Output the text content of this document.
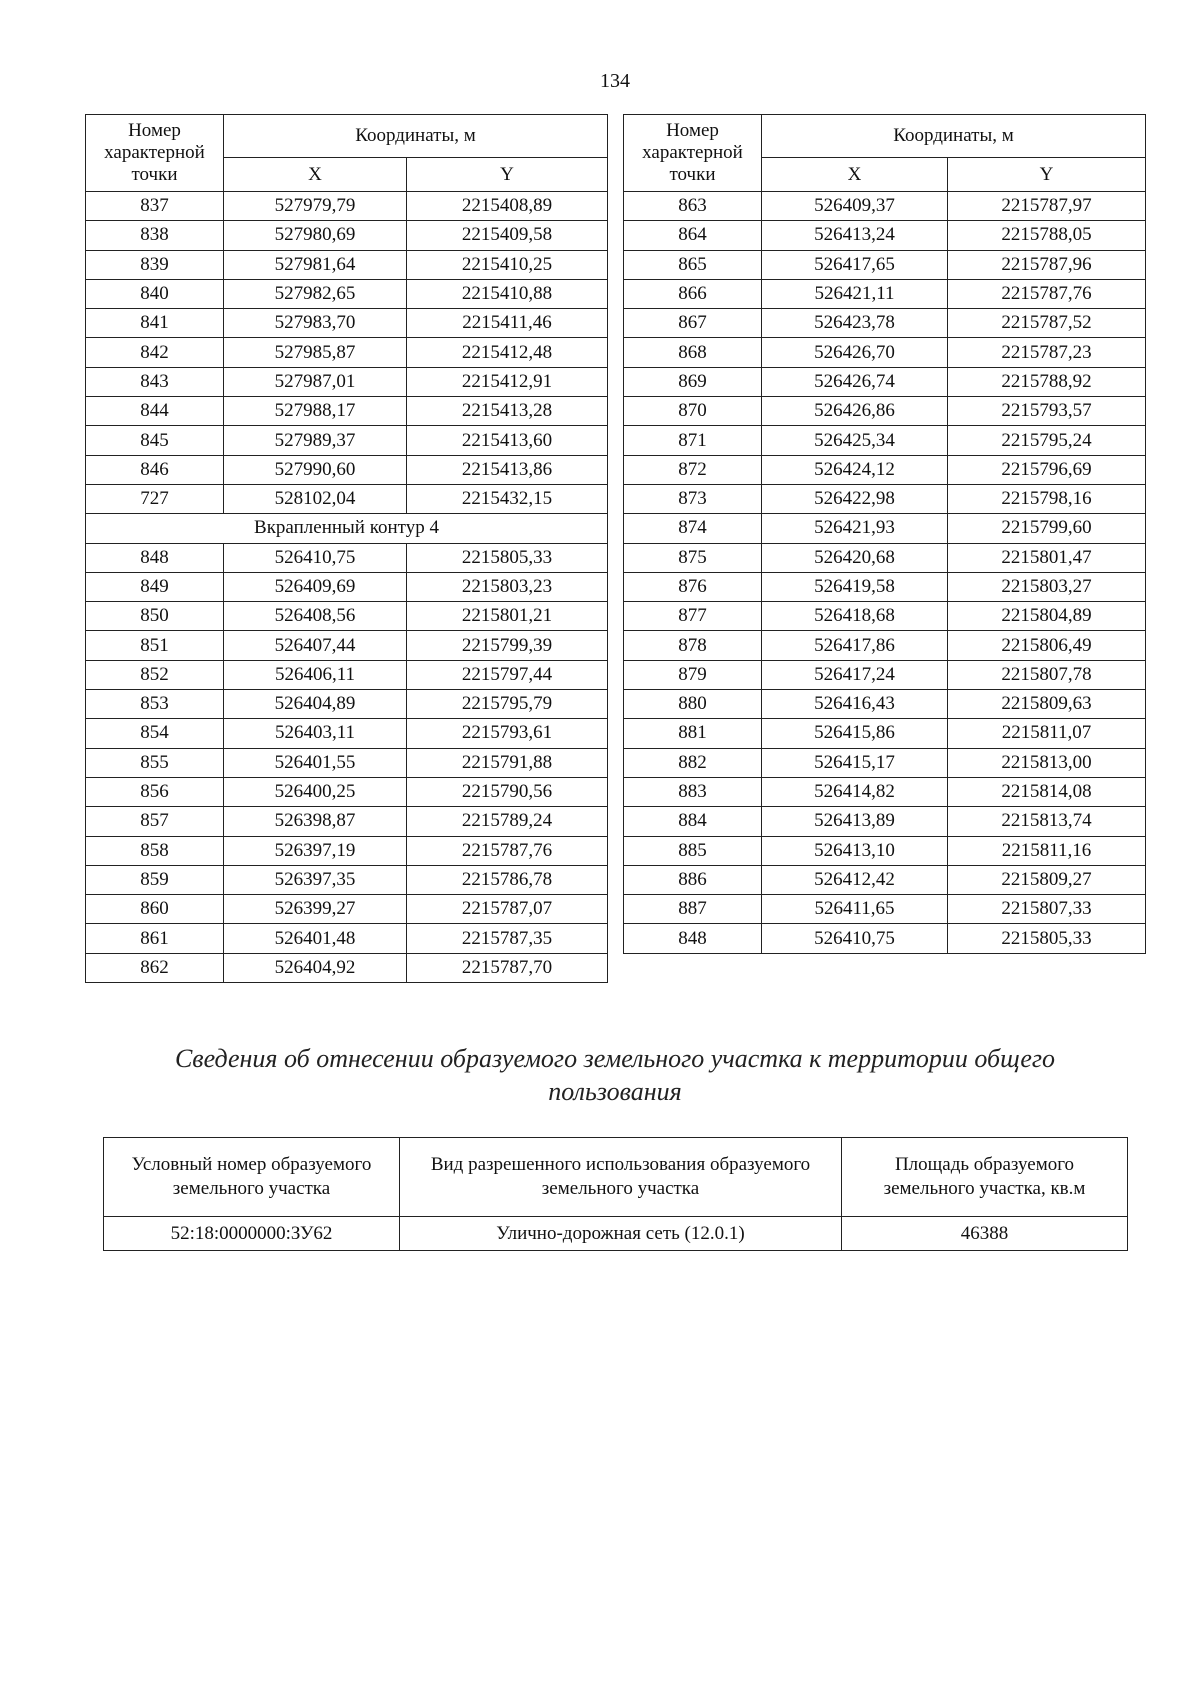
134
Номер характерной точки	Координаты, м	
	X	Y
837	527979,79	2215408,89
838	527980,69	2215409,58
839	527981,64	2215410,25
840	527982,65	2215410,88
841	527983,70	2215411,46
842	527985,87	2215412,48
843	527987,01	2215412,91
844	527988,17	2215413,28
845	527989,37	2215413,60
846	527990,60	2215413,86
727	528102,04	2215432,15
Вкрапленный контур 4		
848	526410,75	2215805,33
849	526409,69	2215803,23
850	526408,56	2215801,21
851	526407,44	2215799,39
852	526406,11	2215797,44
853	526404,89	2215795,79
854	526403,11	2215793,61
855	526401,55	2215791,88
856	526400,25	2215790,56
857	526398,87	2215789,24
858	526397,19	2215787,76
859	526397,35	2215786,78
860	526399,27	2215787,07
861	526401,48	2215787,35
862	526404,92	2215787,70
Номер характерной точки	Координаты, м	
	X	Y
863	526409,37	2215787,97
864	526413,24	2215788,05
865	526417,65	2215787,96
866	526421,11	2215787,76
867	526423,78	2215787,52
868	526426,70	2215787,23
869	526426,74	2215788,92
870	526426,86	2215793,57
871	526425,34	2215795,24
872	526424,12	2215796,69
873	526422,98	2215798,16
874	526421,93	2215799,60
875	526420,68	2215801,47
876	526419,58	2215803,27
877	526418,68	2215804,89
878	526417,86	2215806,49
879	526417,24	2215807,78
880	526416,43	2215809,63
881	526415,86	2215811,07
882	526415,17	2215813,00
883	526414,82	2215814,08
884	526413,89	2215813,74
885	526413,10	2215811,16
886	526412,42	2215809,27
887	526411,65	2215807,33
848	526410,75	2215805,33
Сведения об отнесении образуемого земельного участка к территории общего пользования
Условный номер образуемого земельного участка	Вид разрешенного использования образуемого земельного участка	Площадь образуемого земельного участка, кв.м
52:18:0000000:ЗУ62	Улично-дорожная сеть (12.0.1)	46388
